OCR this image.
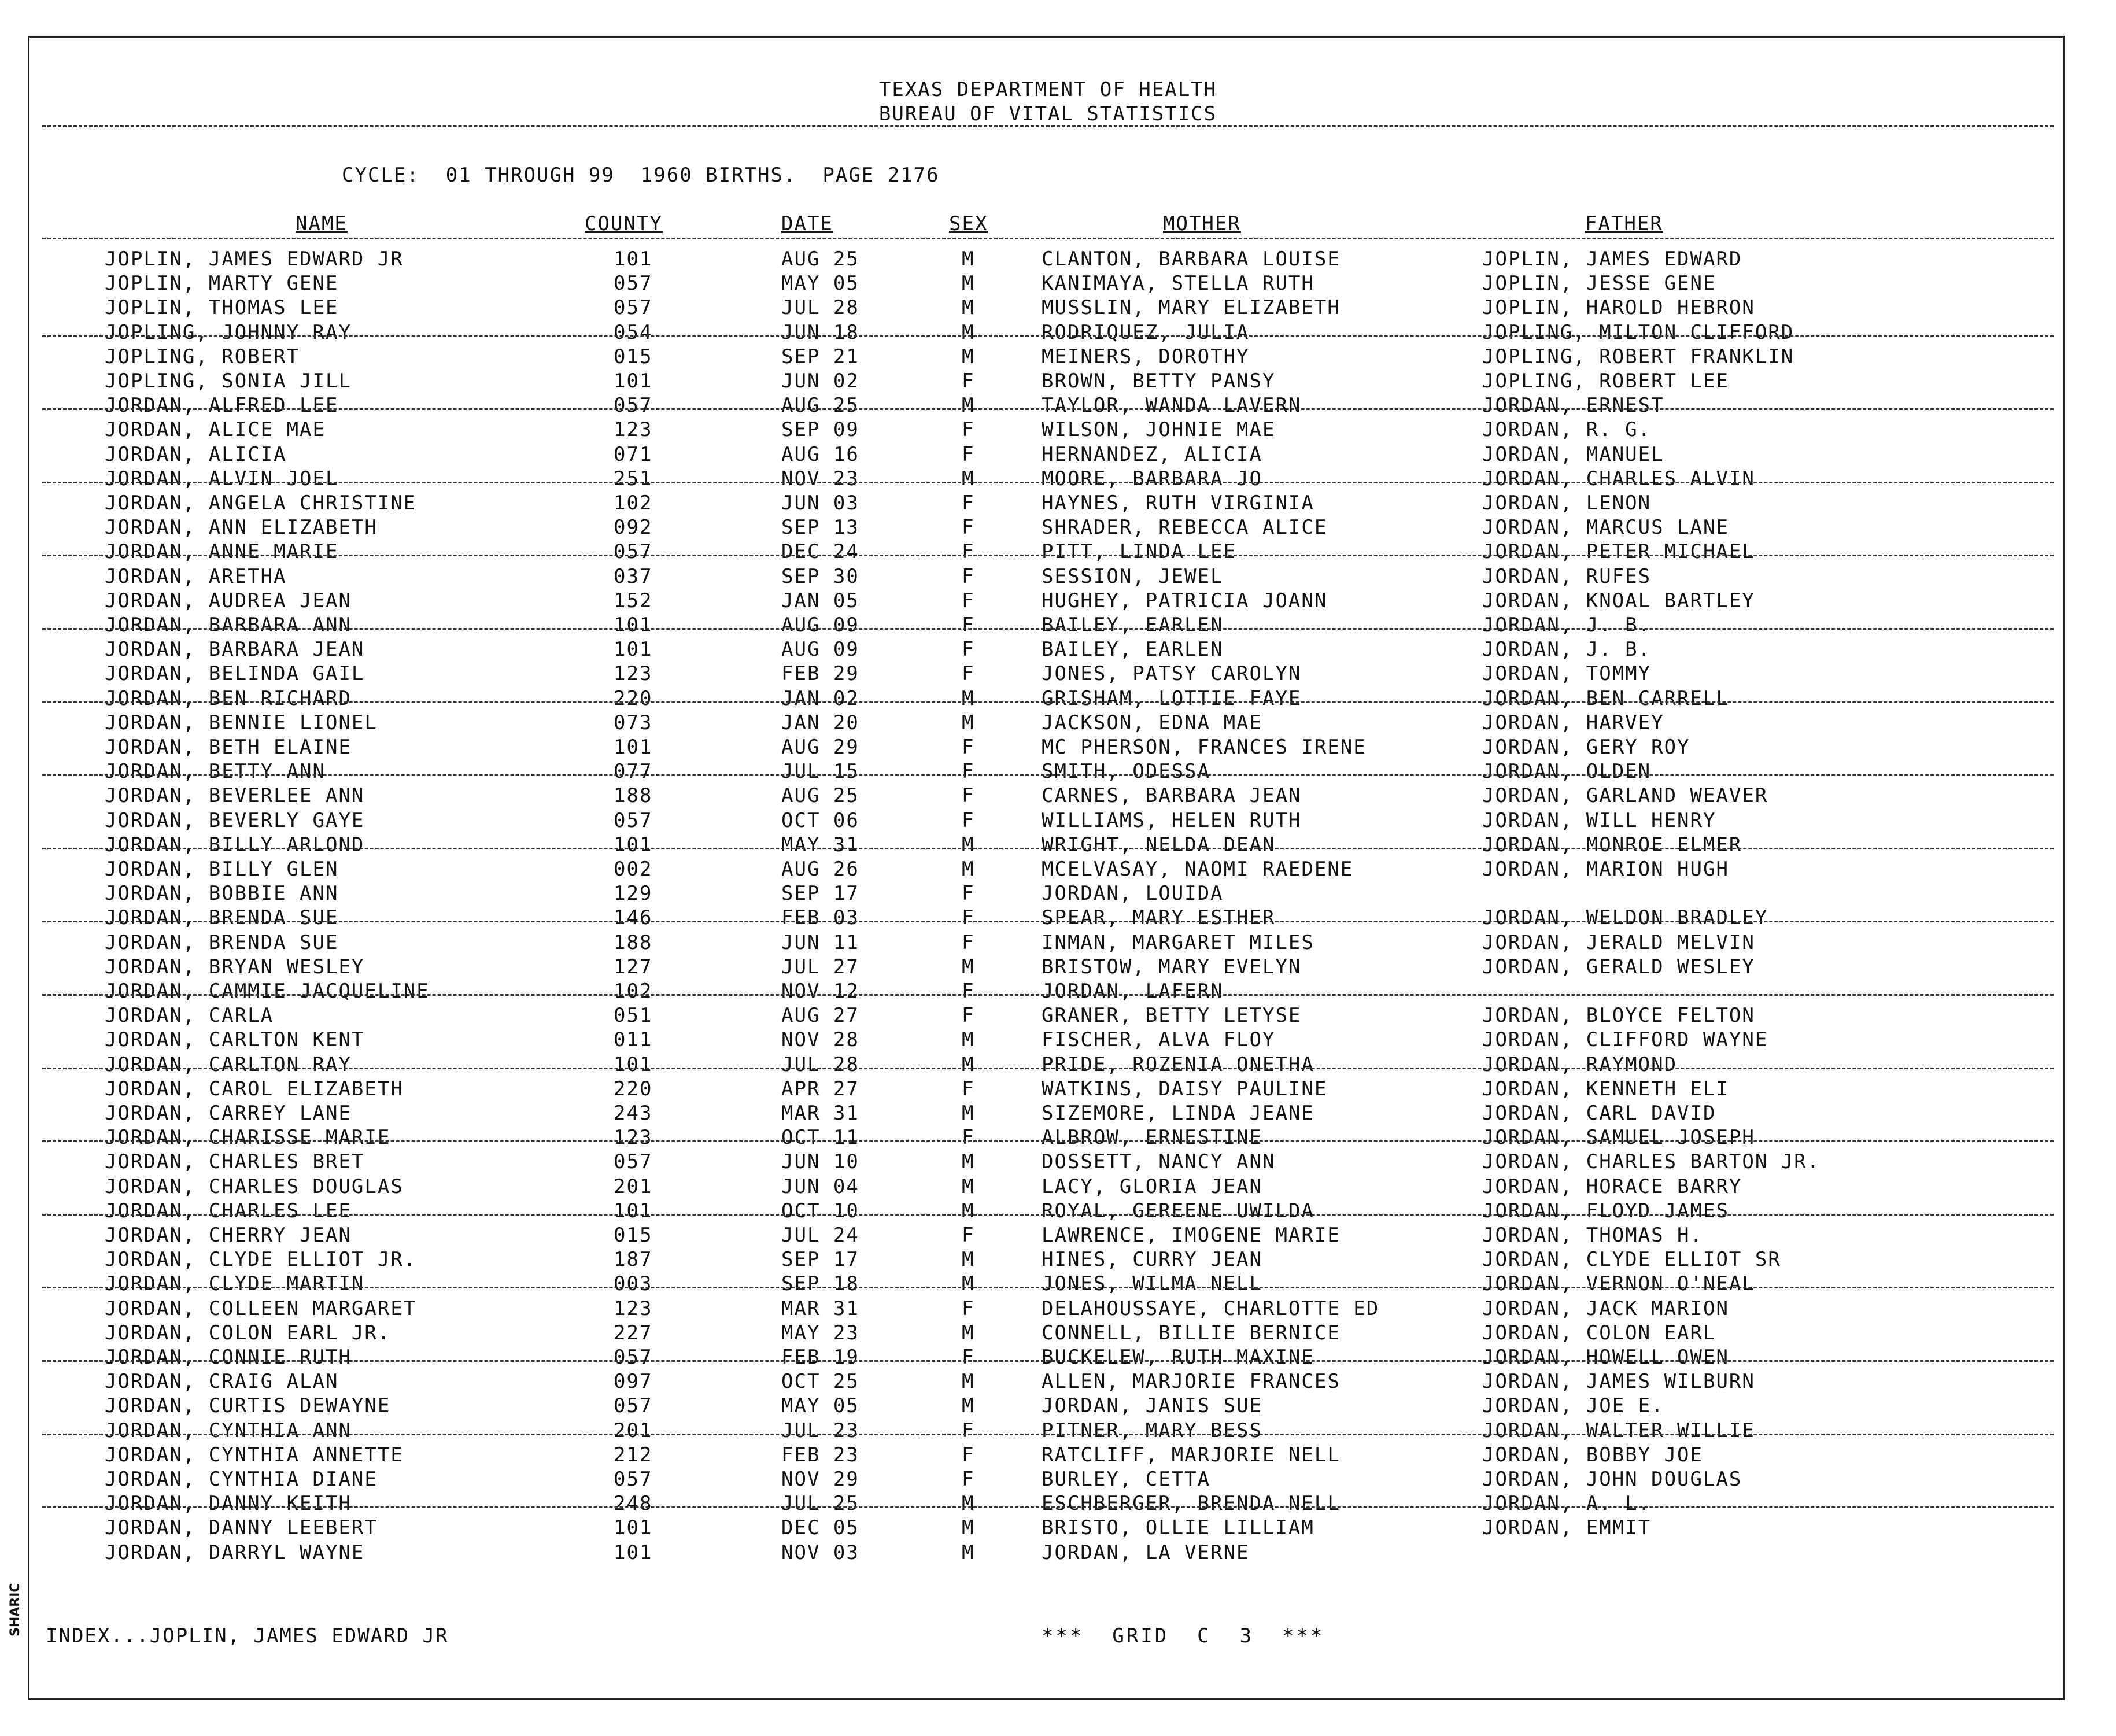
TEXAS DEPARTMENT OF HEALTH
BUREAU OF VITAL STATISTICS
CYCLE:  01 THROUGH 99  1960 BIRTHS.  PAGE 2176
NAME	COUNTY	DATE	SEX	MOTHER	FATHER
JOPLIN, JAMES EDWARD JR	101	AUG 25	M	CLANTON, BARBARA LOUISE	JOPLIN, JAMES EDWARD
JOPLIN, MARTY GENE	057	MAY 05	M	KANIMAYA, STELLA RUTH	JOPLIN, JESSE GENE
JOPLIN, THOMAS LEE	057	JUL 28	M	MUSSLIN, MARY ELIZABETH	JOPLIN, HAROLD HEBRON
JOPLING, JOHNNY RAY	054	JUN 18	M	RODRIQUEZ, JULIA	JOPLING, MILTON CLIFFORD
JOPLING, ROBERT	015	SEP 21	M	MEINERS, DOROTHY	JOPLING, ROBERT FRANKLIN
JOPLING, SONIA JILL	101	JUN 02	F	BROWN, BETTY PANSY	JOPLING, ROBERT LEE
JORDAN, ALFRED LEE	057	AUG 25	M	TAYLOR, WANDA LAVERN	JORDAN, ERNEST
JORDAN, ALICE MAE	123	SEP 09	F	WILSON, JOHNIE MAE	JORDAN, R. G.
JORDAN, ALICIA	071	AUG 16	F	HERNANDEZ, ALICIA	JORDAN, MANUEL
JORDAN, ALVIN JOEL	251	NOV 23	M	MOORE, BARBARA JO	JORDAN, CHARLES ALVIN
JORDAN, ANGELA CHRISTINE	102	JUN 03	F	HAYNES, RUTH VIRGINIA	JORDAN, LENON
JORDAN, ANN ELIZABETH	092	SEP 13	F	SHRADER, REBECCA ALICE	JORDAN, MARCUS LANE
JORDAN, ANNE MARIE	057	DEC 24	F	PITT, LINDA LEE	JORDAN, PETER MICHAEL
JORDAN, ARETHA	037	SEP 30	F	SESSION, JEWEL	JORDAN, RUFES
JORDAN, AUDREA JEAN	152	JAN 05	F	HUGHEY, PATRICIA JOANN	JORDAN, KNOAL BARTLEY
JORDAN, BARBARA ANN	101	AUG 09	F	BAILEY, EARLEN	JORDAN, J. B.
JORDAN, BARBARA JEAN	101	AUG 09	F	BAILEY, EARLEN	JORDAN, J. B.
JORDAN, BELINDA GAIL	123	FEB 29	F	JONES, PATSY CAROLYN	JORDAN, TOMMY
JORDAN, BEN RICHARD	220	JAN 02	M	GRISHAM, LOTTIE FAYE	JORDAN, BEN CARRELL
JORDAN, BENNIE LIONEL	073	JAN 20	M	JACKSON, EDNA MAE	JORDAN, HARVEY
JORDAN, BETH ELAINE	101	AUG 29	F	MC PHERSON, FRANCES IRENE	JORDAN, GERY ROY
JORDAN, BETTY ANN	077	JUL 15	F	SMITH, ODESSA	JORDAN, OLDEN
JORDAN, BEVERLEE ANN	188	AUG 25	F	CARNES, BARBARA JEAN	JORDAN, GARLAND WEAVER
JORDAN, BEVERLY GAYE	057	OCT 06	F	WILLIAMS, HELEN RUTH	JORDAN, WILL HENRY
JORDAN, BILLY ARLOND	101	MAY 31	M	WRIGHT, NELDA DEAN	JORDAN, MONROE ELMER
JORDAN, BILLY GLEN	002	AUG 26	M	MCELVASAY, NAOMI RAEDENE	JORDAN, MARION HUGH
JORDAN, BOBBIE ANN	129	SEP 17	F	JORDAN, LOUIDA
JORDAN, BRENDA SUE	146	FEB 03	F	SPEAR, MARY ESTHER	JORDAN, WELDON BRADLEY
JORDAN, BRENDA SUE	188	JUN 11	F	INMAN, MARGARET MILES	JORDAN, JERALD MELVIN
JORDAN, BRYAN WESLEY	127	JUL 27	M	BRISTOW, MARY EVELYN	JORDAN, GERALD WESLEY
JORDAN, CAMMIE JACQUELINE	102	NOV 12	F	JORDAN, LAFERN
JORDAN, CARLA	051	AUG 27	F	GRANER, BETTY LETYSE	JORDAN, BLOYCE FELTON
JORDAN, CARLTON KENT	011	NOV 28	M	FISCHER, ALVA FLOY	JORDAN, CLIFFORD WAYNE
JORDAN, CARLTON RAY	101	JUL 28	M	PRIDE, ROZENIA ONETHA	JORDAN, RAYMOND
JORDAN, CAROL ELIZABETH	220	APR 27	F	WATKINS, DAISY PAULINE	JORDAN, KENNETH ELI
JORDAN, CARREY LANE	243	MAR 31	M	SIZEMORE, LINDA JEANE	JORDAN, CARL DAVID
JORDAN, CHARISSE MARIE	123	OCT 11	F	ALBROW, ERNESTINE	JORDAN, SAMUEL JOSEPH
JORDAN, CHARLES BRET	057	JUN 10	M	DOSSETT, NANCY ANN	JORDAN, CHARLES BARTON JR.
JORDAN, CHARLES DOUGLAS	201	JUN 04	M	LACY, GLORIA JEAN	JORDAN, HORACE BARRY
JORDAN, CHARLES LEE	101	OCT 10	M	ROYAL, GEREENE UWILDA	JORDAN, FLOYD JAMES
JORDAN, CHERRY JEAN	015	JUL 24	F	LAWRENCE, IMOGENE MARIE	JORDAN, THOMAS H.
JORDAN, CLYDE ELLIOT JR.	187	SEP 17	M	HINES, CURRY JEAN	JORDAN, CLYDE ELLIOT SR
JORDAN, CLYDE MARTIN	003	SEP 18	M	JONES, WILMA NELL	JORDAN, VERNON O'NEAL
JORDAN, COLLEEN MARGARET	123	MAR 31	F	DELAHOUSSAYE, CHARLOTTE ED	JORDAN, JACK MARION
JORDAN, COLON EARL JR.	227	MAY 23	M	CONNELL, BILLIE BERNICE	JORDAN, COLON EARL
JORDAN, CONNIE RUTH	057	FEB 19	F	BUCKELEW, RUTH MAXINE	JORDAN, HOWELL OWEN
JORDAN, CRAIG ALAN	097	OCT 25	M	ALLEN, MARJORIE FRANCES	JORDAN, JAMES WILBURN
JORDAN, CURTIS DEWAYNE	057	MAY 05	M	JORDAN, JANIS SUE	JORDAN, JOE E.
JORDAN, CYNTHIA ANN	201	JUL 23	F	PITNER, MARY BESS	JORDAN, WALTER WILLIE
JORDAN, CYNTHIA ANNETTE	212	FEB 23	F	RATCLIFF, MARJORIE NELL	JORDAN, BOBBY JOE
JORDAN, CYNTHIA DIANE	057	NOV 29	F	BURLEY, CETTA	JORDAN, JOHN DOUGLAS
JORDAN, DANNY KEITH	248	JUL 25	M	ESCHBERGER, BRENDA NELL	JORDAN, A. L.
JORDAN, DANNY LEEBERT	101	DEC 05	M	BRISTO, OLLIE LILLIAM	JORDAN, EMMIT
JORDAN, DARRYL WAYNE	101	NOV 03	M	JORDAN, LA VERNE
INDEX...JOPLIN, JAMES EDWARD JR	***  GRID  C  3  ***
SHARIC
